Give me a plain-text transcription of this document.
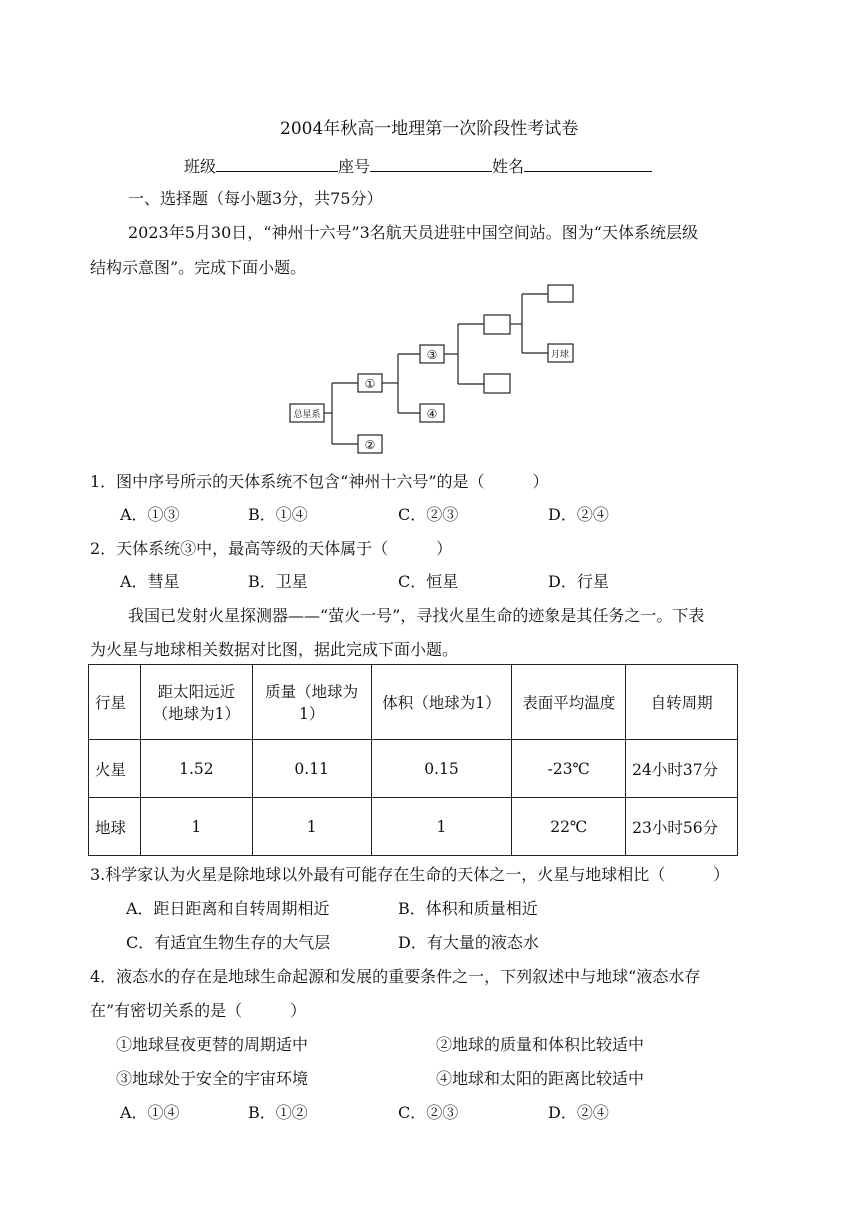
2004年秋高一地理第一次阶段性考试卷
班级	座号	姓名
一、选择题（每小题3分，共75分）
2023年5月30日，“神州十六号”3名航天员进驻中国空间站。图为“天体系统层级
结构示意图”。完成下面小题。
总星系
①
②
③
④
月球
1．图中序号所示的天体系统不包含“神州十六号”的是（　　　）
A．①③	B．①④	C．②③	D．②④
2．天体系统③中，最高等级的天体属于（　　　）
A．彗星	B．卫星	C．恒星	D．行星
我国已发射火星探测器——“萤火一号”，寻找火星生命的迹象是其任务之一。下表
为火星与地球相关数据对比图，据此完成下面小题。
行星	距太阳远近（地球为1）	质量（地球为1）	体积（地球为1）	表面平均温度	自转周期
火星	1.52	0.11	0.15	-23℃	24小时37分
地球	1	1	1	22℃	23小时56分
3.科学家认为火星是除地球以外最有可能存在生命的天体之一，火星与地球相比（　　　）
A．距日距离和自转周期相近	B．体积和质量相近
C．有适宜生物生存的大气层	D．有大量的液态水
4．液态水的存在是地球生命起源和发展的重要条件之一，下列叙述中与地球“液态水存
在”有密切关系的是（　　　）
①地球昼夜更替的周期适中	②地球的质量和体积比较适中
③地球处于安全的宇宙环境	④地球和太阳的距离比较适中
A．①④	B．①②	C．②③	D．②④
